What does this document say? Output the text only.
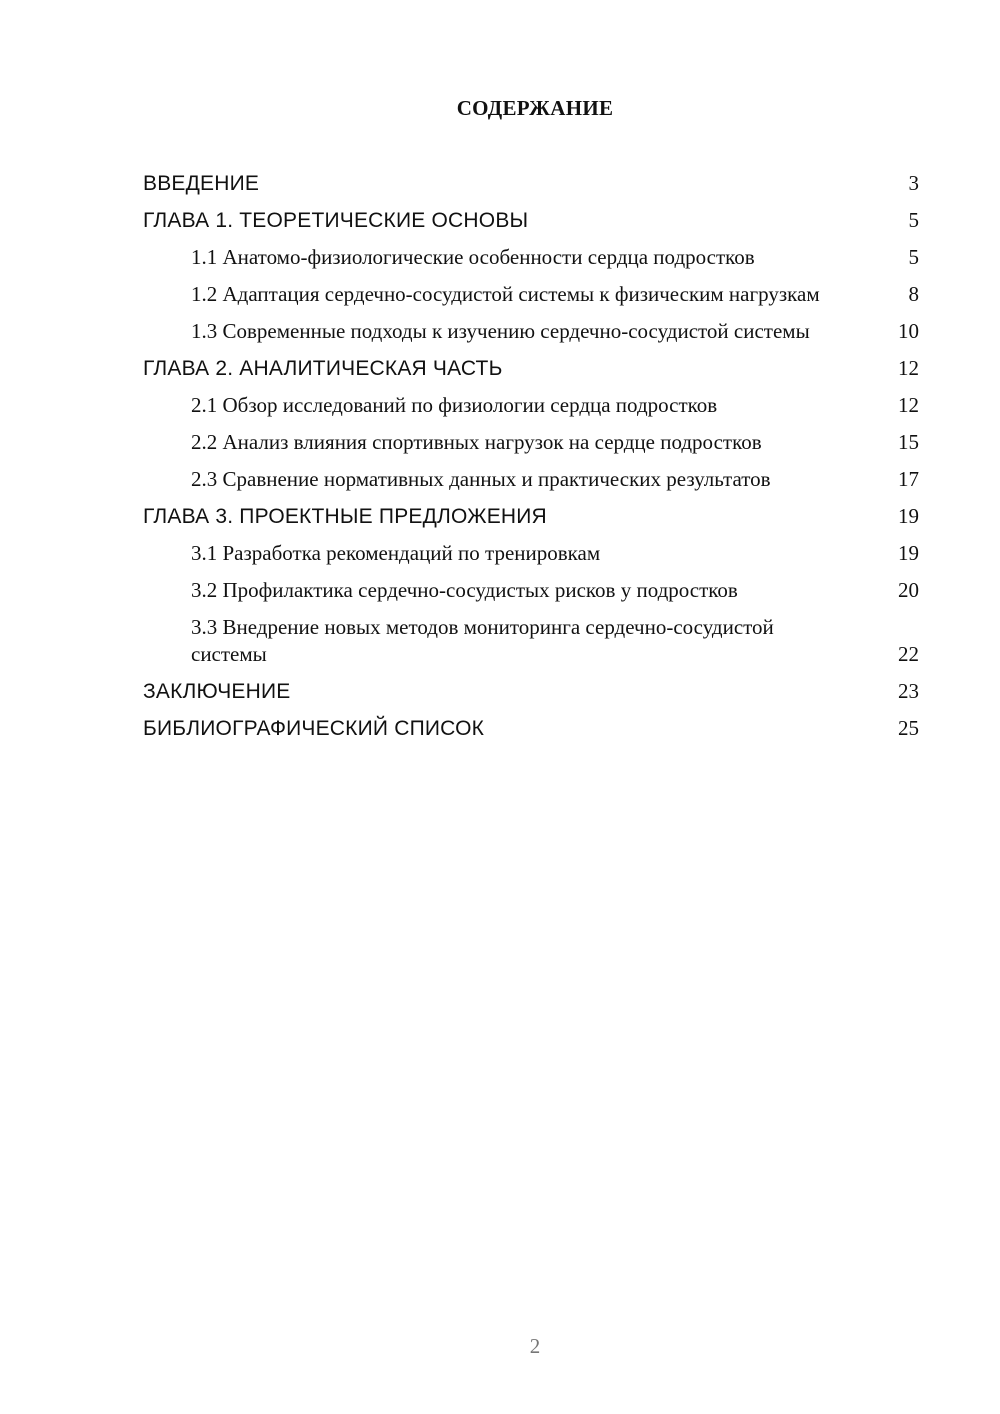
СОДЕРЖАНИЕ
ВВЕДЕНИЕ	3
ГЛАВА 1. ТЕОРЕТИЧЕСКИЕ ОСНОВЫ	5
1.1 Анатомо-физиологические особенности сердца подростков	5
1.2 Адаптация сердечно-сосудистой системы к физическим нагрузкам	8
1.3 Современные подходы к изучению сердечно-сосудистой системы	10
ГЛАВА 2. АНАЛИТИЧЕСКАЯ ЧАСТЬ	12
2.1 Обзор исследований по физиологии сердца подростков	12
2.2 Анализ влияния спортивных нагрузок на сердце подростков	15
2.3 Сравнение нормативных данных и практических результатов	17
ГЛАВА 3. ПРОЕКТНЫЕ ПРЕДЛОЖЕНИЯ	19
3.1 Разработка рекомендаций по тренировкам	19
3.2 Профилактика сердечно-сосудистых рисков у подростков	20
3.3 Внедрение новых методов мониторинга сердечно-сосудистой системы	22
ЗАКЛЮЧЕНИЕ	23
БИБЛИОГРАФИЧЕСКИЙ СПИСОК	25
2
